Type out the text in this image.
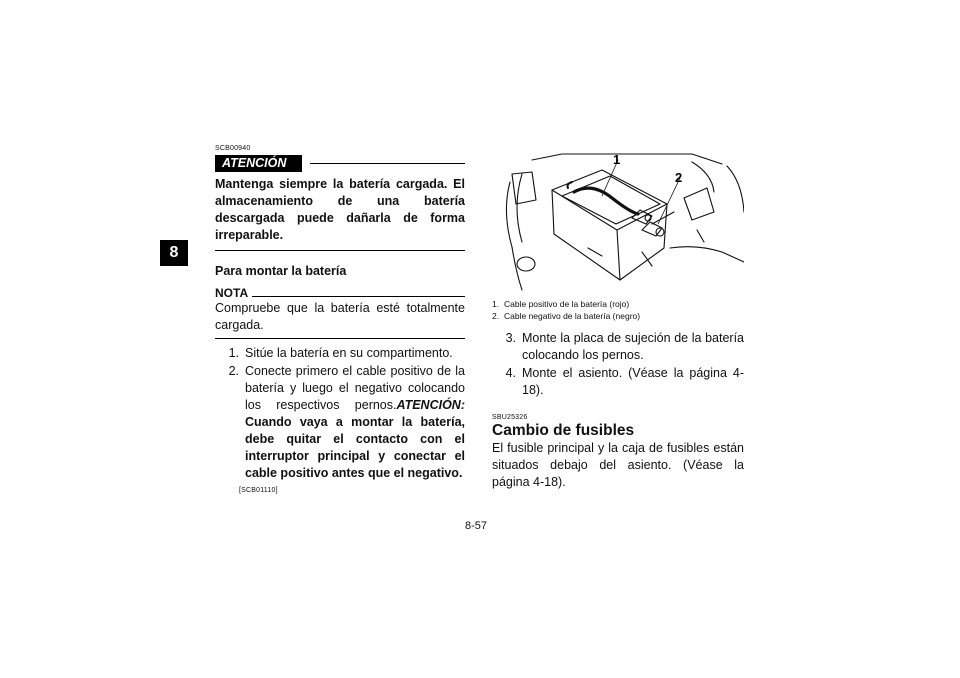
8
SCB00940
ATENCIÓN

Mantenga siempre la batería cargada. El almacenamiento de una batería descargada puede dañarla de forma irreparable.

Para montar la batería

NOTA

Compruebe que la batería esté totalmente cargada.

1. Sitúe la batería en su compartimento.
2. Conecte primero el cable positivo de la batería y luego el negativo colocando los respectivos pernos.ATENCIÓN: Cuando vaya a montar la batería, debe quitar el contacto con el interruptor principal y conectar el cable positivo antes que el negativo.
[SCB01110]
1
2
1. Cable positivo de la batería (rojo)
2. Cable negativo de la batería (negro)
3. Monte la placa de sujeción de la batería colocando los pernos.
4. Monte el asiento. (Véase la página 4-18).
SBU25326

Cambio de fusibles

El fusible principal y la caja de fusibles están situados debajo del asiento. (Véase la página 4-18).

8-57
